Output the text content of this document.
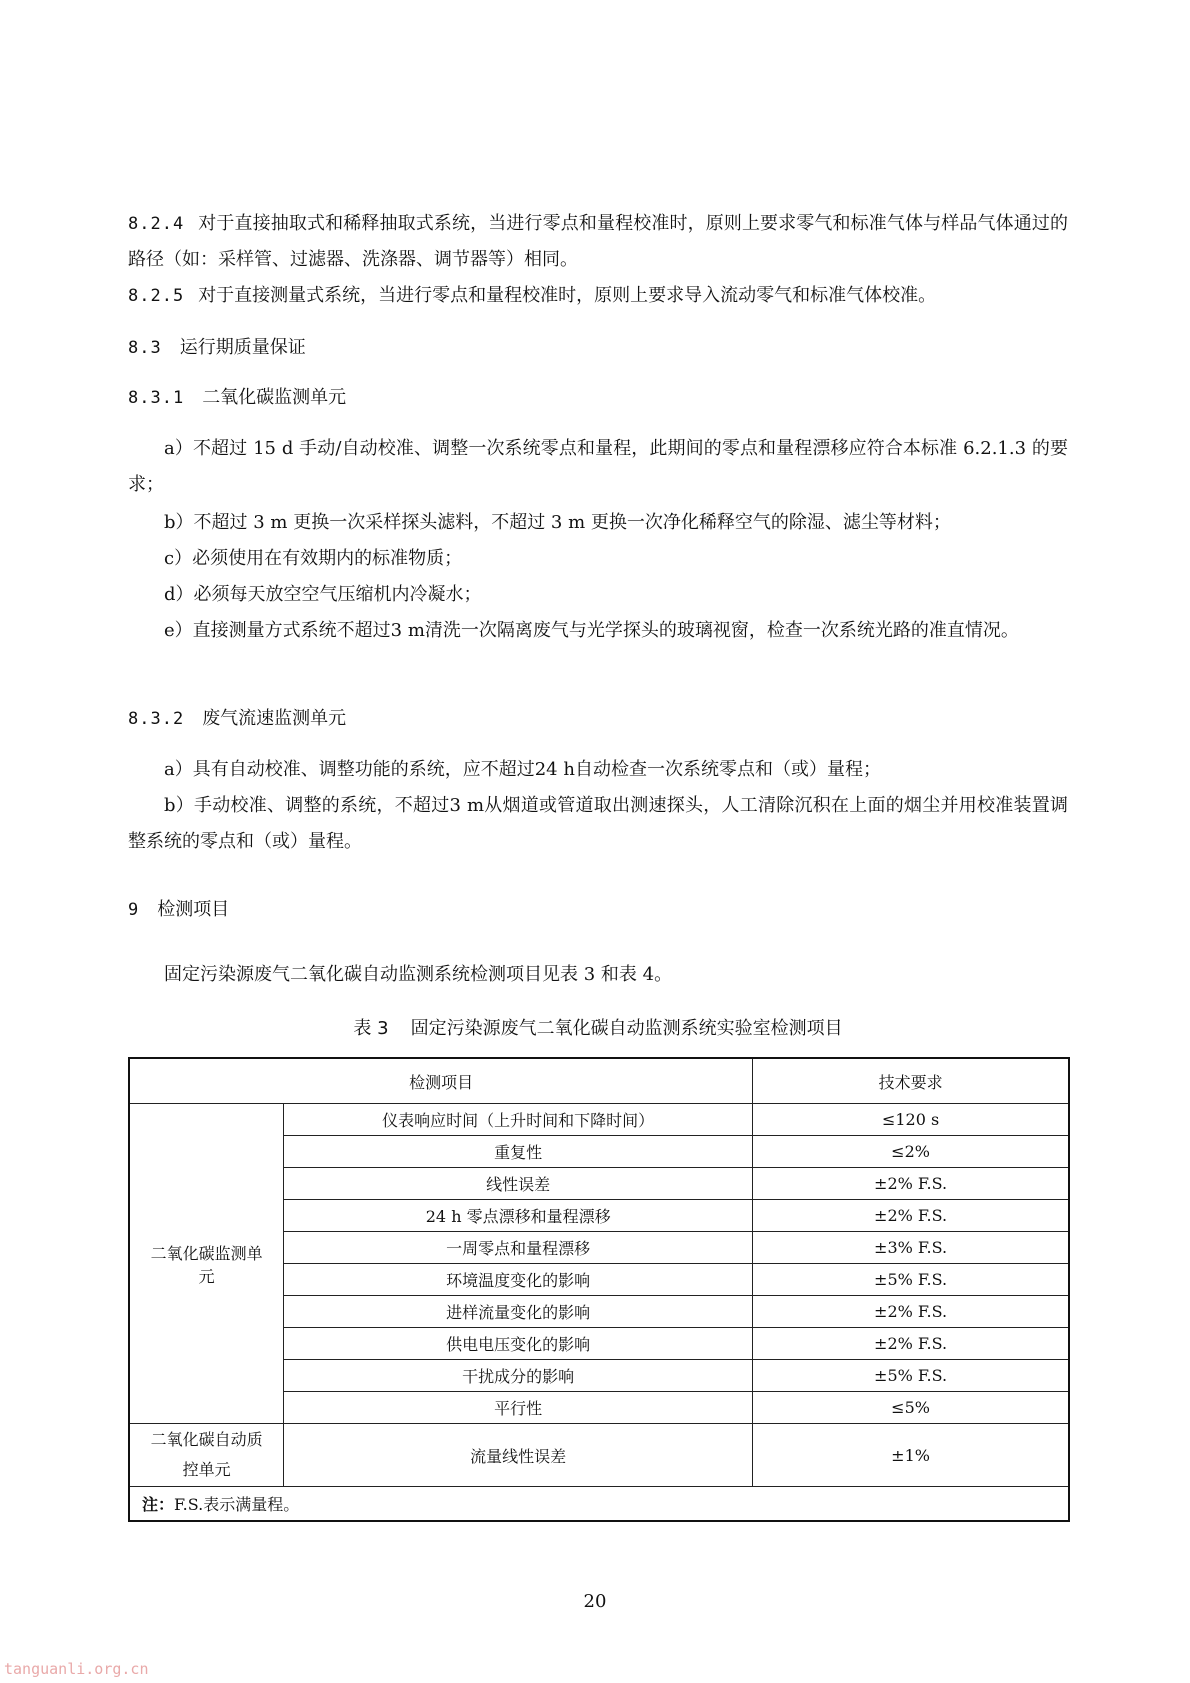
8.2.4 对于直接抽取式和稀释抽取式系统，当进行零点和量程校准时，原则上要求零气和标准气体与样品气体通过的路径（如：采样管、过滤器、洗涤器、调节器等）相同。

8.2.5 对于直接测量式系统，当进行零点和量程校准时，原则上要求导入流动零气和标准气体校准。

8.3 运行期质量保证

8.3.1 二氧化碳监测单元

a）不超过 15 d 手动/自动校准、调整一次系统零点和量程，此期间的零点和量程漂移应符合本标准 6.2.1.3 的要求；

b）不超过 3 m 更换一次采样探头滤料，不超过 3 m 更换一次净化稀释空气的除湿、滤尘等材料；

c）必须使用在有效期内的标准物质；

d）必须每天放空空气压缩机内冷凝水；

e）直接测量方式系统不超过3 m清洗一次隔离废气与光学探头的玻璃视窗，检查一次系统光路的准直情况。

8.3.2 废气流速监测单元

a）具有自动校准、调整功能的系统，应不超过24 h自动检查一次系统零点和（或）量程；

b）手动校准、调整的系统，不超过3 m从烟道或管道取出测速探头，人工清除沉积在上面的烟尘并用校准装置调整系统的零点和（或）量程。

9 检测项目

固定污染源废气二氧化碳自动监测系统检测项目见表 3 和表 4。

表 3 固定污染源废气二氧化碳自动监测系统实验室检测项目
检测项目		技术要求
二氧化碳监测单元	仪表响应时间（上升时间和下降时间）	≤120 s
	重复性	≤2%
	线性误差	±2% F.S.
	24 h 零点漂移和量程漂移	±2% F.S.
	一周零点和量程漂移	±3% F.S.
	环境温度变化的影响	±5% F.S.
	进样流量变化的影响	±2% F.S.
	供电电压变化的影响	±2% F.S.
	干扰成分的影响	±5% F.S.
	平行性	≤5%
二氧化碳自动质控单元	流量线性误差	±1%
注：F.S.表示满量程。		
20
tanguanli.org.cn
